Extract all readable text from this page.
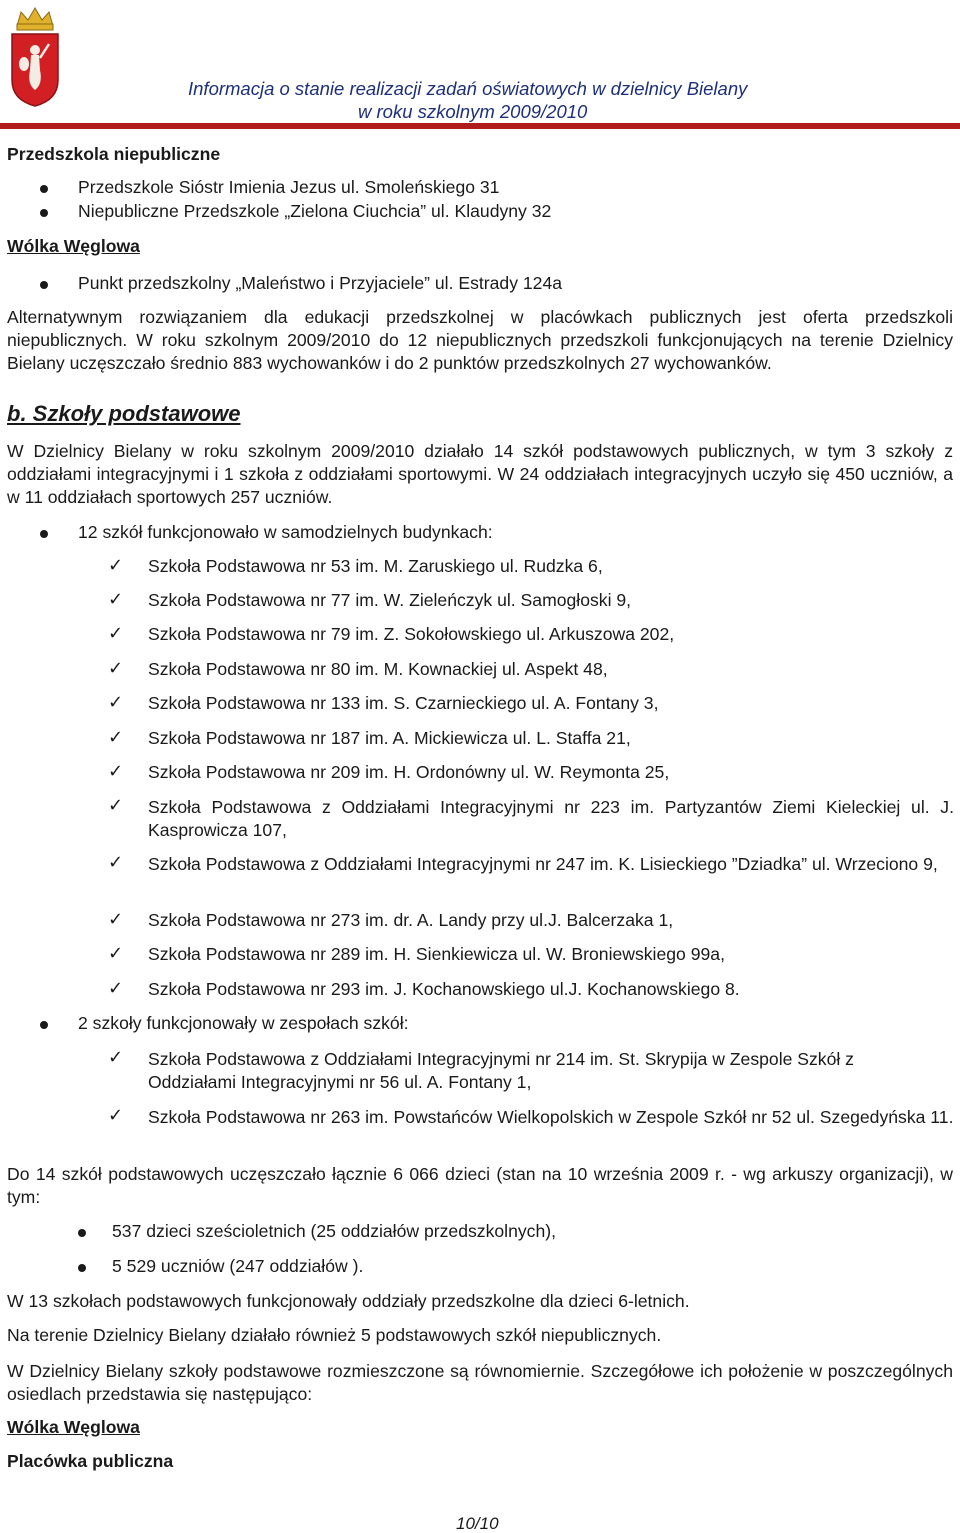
Informacja o stanie realizacji zadań oświatowych w dzielnicy Bielany
w roku szkolnym 2009/2010
Przedszkola niepubliczne
Przedszkole Sióstr Imienia Jezus ul. Smoleńskiego 31
Niepubliczne Przedszkole „Zielona Ciuchcia” ul. Klaudyny 32
Wólka Węglowa
Punkt przedszkolny „Maleństwo i Przyjaciele” ul. Estrady 124a
Alternatywnym rozwiązaniem dla edukacji przedszkolnej w placówkach publicznych jest oferta przedszkoli niepublicznych. W roku szkolnym 2009/2010 do 12 niepublicznych przedszkoli funkcjonujących na terenie Dzielnicy Bielany uczęszczało średnio 883 wychowanków i do 2 punktów przedszkolnych 27 wychowanków.
b. Szkoły podstawowe
W Dzielnicy Bielany w roku szkolnym 2009/2010 działało 14 szkół podstawowych publicznych, w tym 3 szkoły z oddziałami integracyjnymi i 1 szkoła z oddziałami sportowymi. W 24 oddziałach integracyjnych uczyło się 450 uczniów, a w 11 oddziałach sportowych 257 uczniów.
12 szkół funkcjonowało w samodzielnych budynkach:
✓ Szkoła Podstawowa nr 53 im. M. Zaruskiego ul. Rudzka 6,
✓ Szkoła Podstawowa nr 77 im. W. Zieleńczyk ul. Samogłoski 9,
✓ Szkoła Podstawowa nr 79 im. Z. Sokołowskiego ul. Arkuszowa 202,
✓ Szkoła Podstawowa nr 80 im. M. Kownackiej ul. Aspekt 48,
✓ Szkoła Podstawowa nr 133 im. S. Czarnieckiego ul. A. Fontany 3,
✓ Szkoła Podstawowa nr 187 im. A. Mickiewicza ul. L. Staffa 21,
✓ Szkoła Podstawowa nr 209 im. H. Ordonówny ul. W. Reymonta 25,
✓ Szkoła Podstawowa z Oddziałami Integracyjnymi nr 223 im. Partyzantów Ziemi Kieleckiej ul. J. Kasprowicza 107,
✓ Szkoła Podstawowa z Oddziałami Integracyjnymi nr 247 im. K. Lisieckiego ”Dziadka” ul. Wrzeciono 9,
✓ Szkoła Podstawowa nr 273 im. dr. A. Landy przy ul.J. Balcerzaka 1,
✓ Szkoła Podstawowa nr 289 im. H. Sienkiewicza ul. W. Broniewskiego 99a,
✓ Szkoła Podstawowa nr 293 im. J. Kochanowskiego ul.J. Kochanowskiego 8.
2 szkoły funkcjonowały w zespołach szkół:
✓ Szkoła Podstawowa z Oddziałami Integracyjnymi nr 214 im. St. Skrypija w Zespole Szkół z Oddziałami Integracyjnymi nr 56 ul. A. Fontany 1,
✓ Szkoła Podstawowa nr 263 im. Powstańców Wielkopolskich w Zespole Szkół nr 52 ul. Szegedyńska 11.
Do 14 szkół podstawowych uczęszczało łącznie 6 066 dzieci (stan na 10 września 2009 r. - wg arkuszy organizacji), w tym:
537 dzieci sześcioletnich (25 oddziałów przedszkolnych),
5 529 uczniów (247 oddziałów ).
W 13 szkołach podstawowych funkcjonowały oddziały przedszkolne dla dzieci 6-letnich.
Na terenie Dzielnicy Bielany działało również 5 podstawowych szkół niepublicznych.
W Dzielnicy Bielany szkoły podstawowe rozmieszczone są równomiernie. Szczegółowe ich położenie w poszczególnych osiedlach przedstawia się następująco:
Wólka Węglowa
Placówka publiczna
10/10
